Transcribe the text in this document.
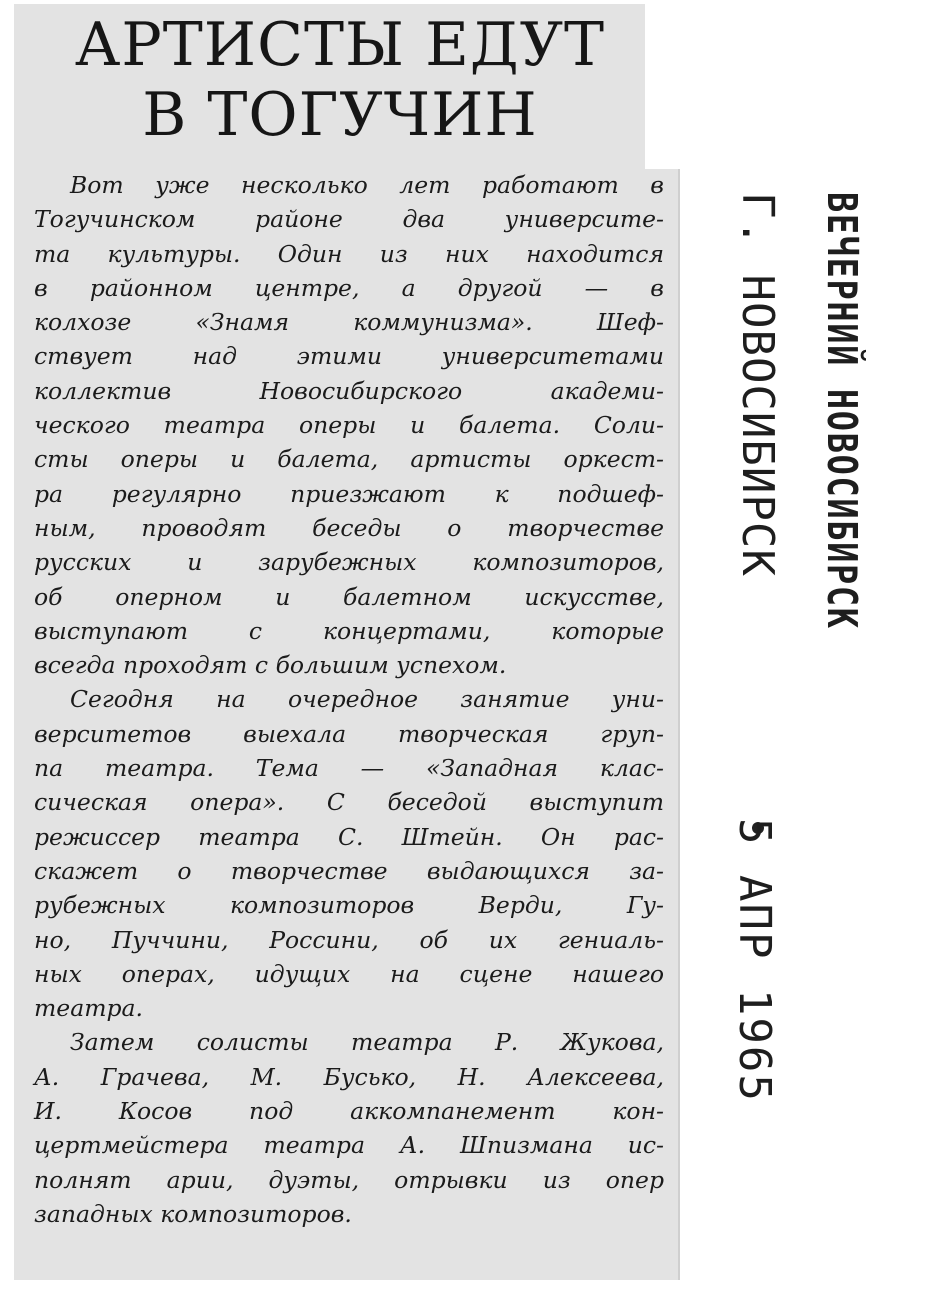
АРТИСТЫ ЕДУТ
В ТОГУЧИН
Вот уже несколько лет работают в
Тогучинском районе два университе-
та культуры. Один из них находится
в районном центре, а другой — в
колхозе «Знамя коммунизма». Шеф-
ствует над этими университетами
коллектив Новосибирского академи-
ческого театра оперы и балета. Соли-
сты оперы и балета, артисты оркест-
ра регулярно приезжают к подшеф-
ным, проводят беседы о творчестве
русских и зарубежных композиторов,
об оперном и балетном искусстве,
выступают с концертами, которые
всегда проходят с большим успехом.
Сегодня на очередное занятие уни-
верситетов выехала творческая груп-
па театра. Тема — «Западная клас-
сическая опера». С беседой выступит
режиссер театра С. Штейн. Он рас-
скажет о творчестве выдающихся за-
рубежных композиторов Верди, Гу-
но, Пуччини, Россини, об их гениаль-
ных операх, идущих на сцене нашего
театра.
Затем солисты театра Р. Жукова,
А. Грачева, М. Бусько, Н. Алексеева,
И. Косов под аккомпанемент кон-
цертмейстера театра А. Шпизмана ис-
полнят арии, дуэты, отрывки из опер
западных композиторов.
ВЕЧЕРНИЙ НОВОСИБИРСК
Г. НОВОСИБИРСК
5 АПР 1965
